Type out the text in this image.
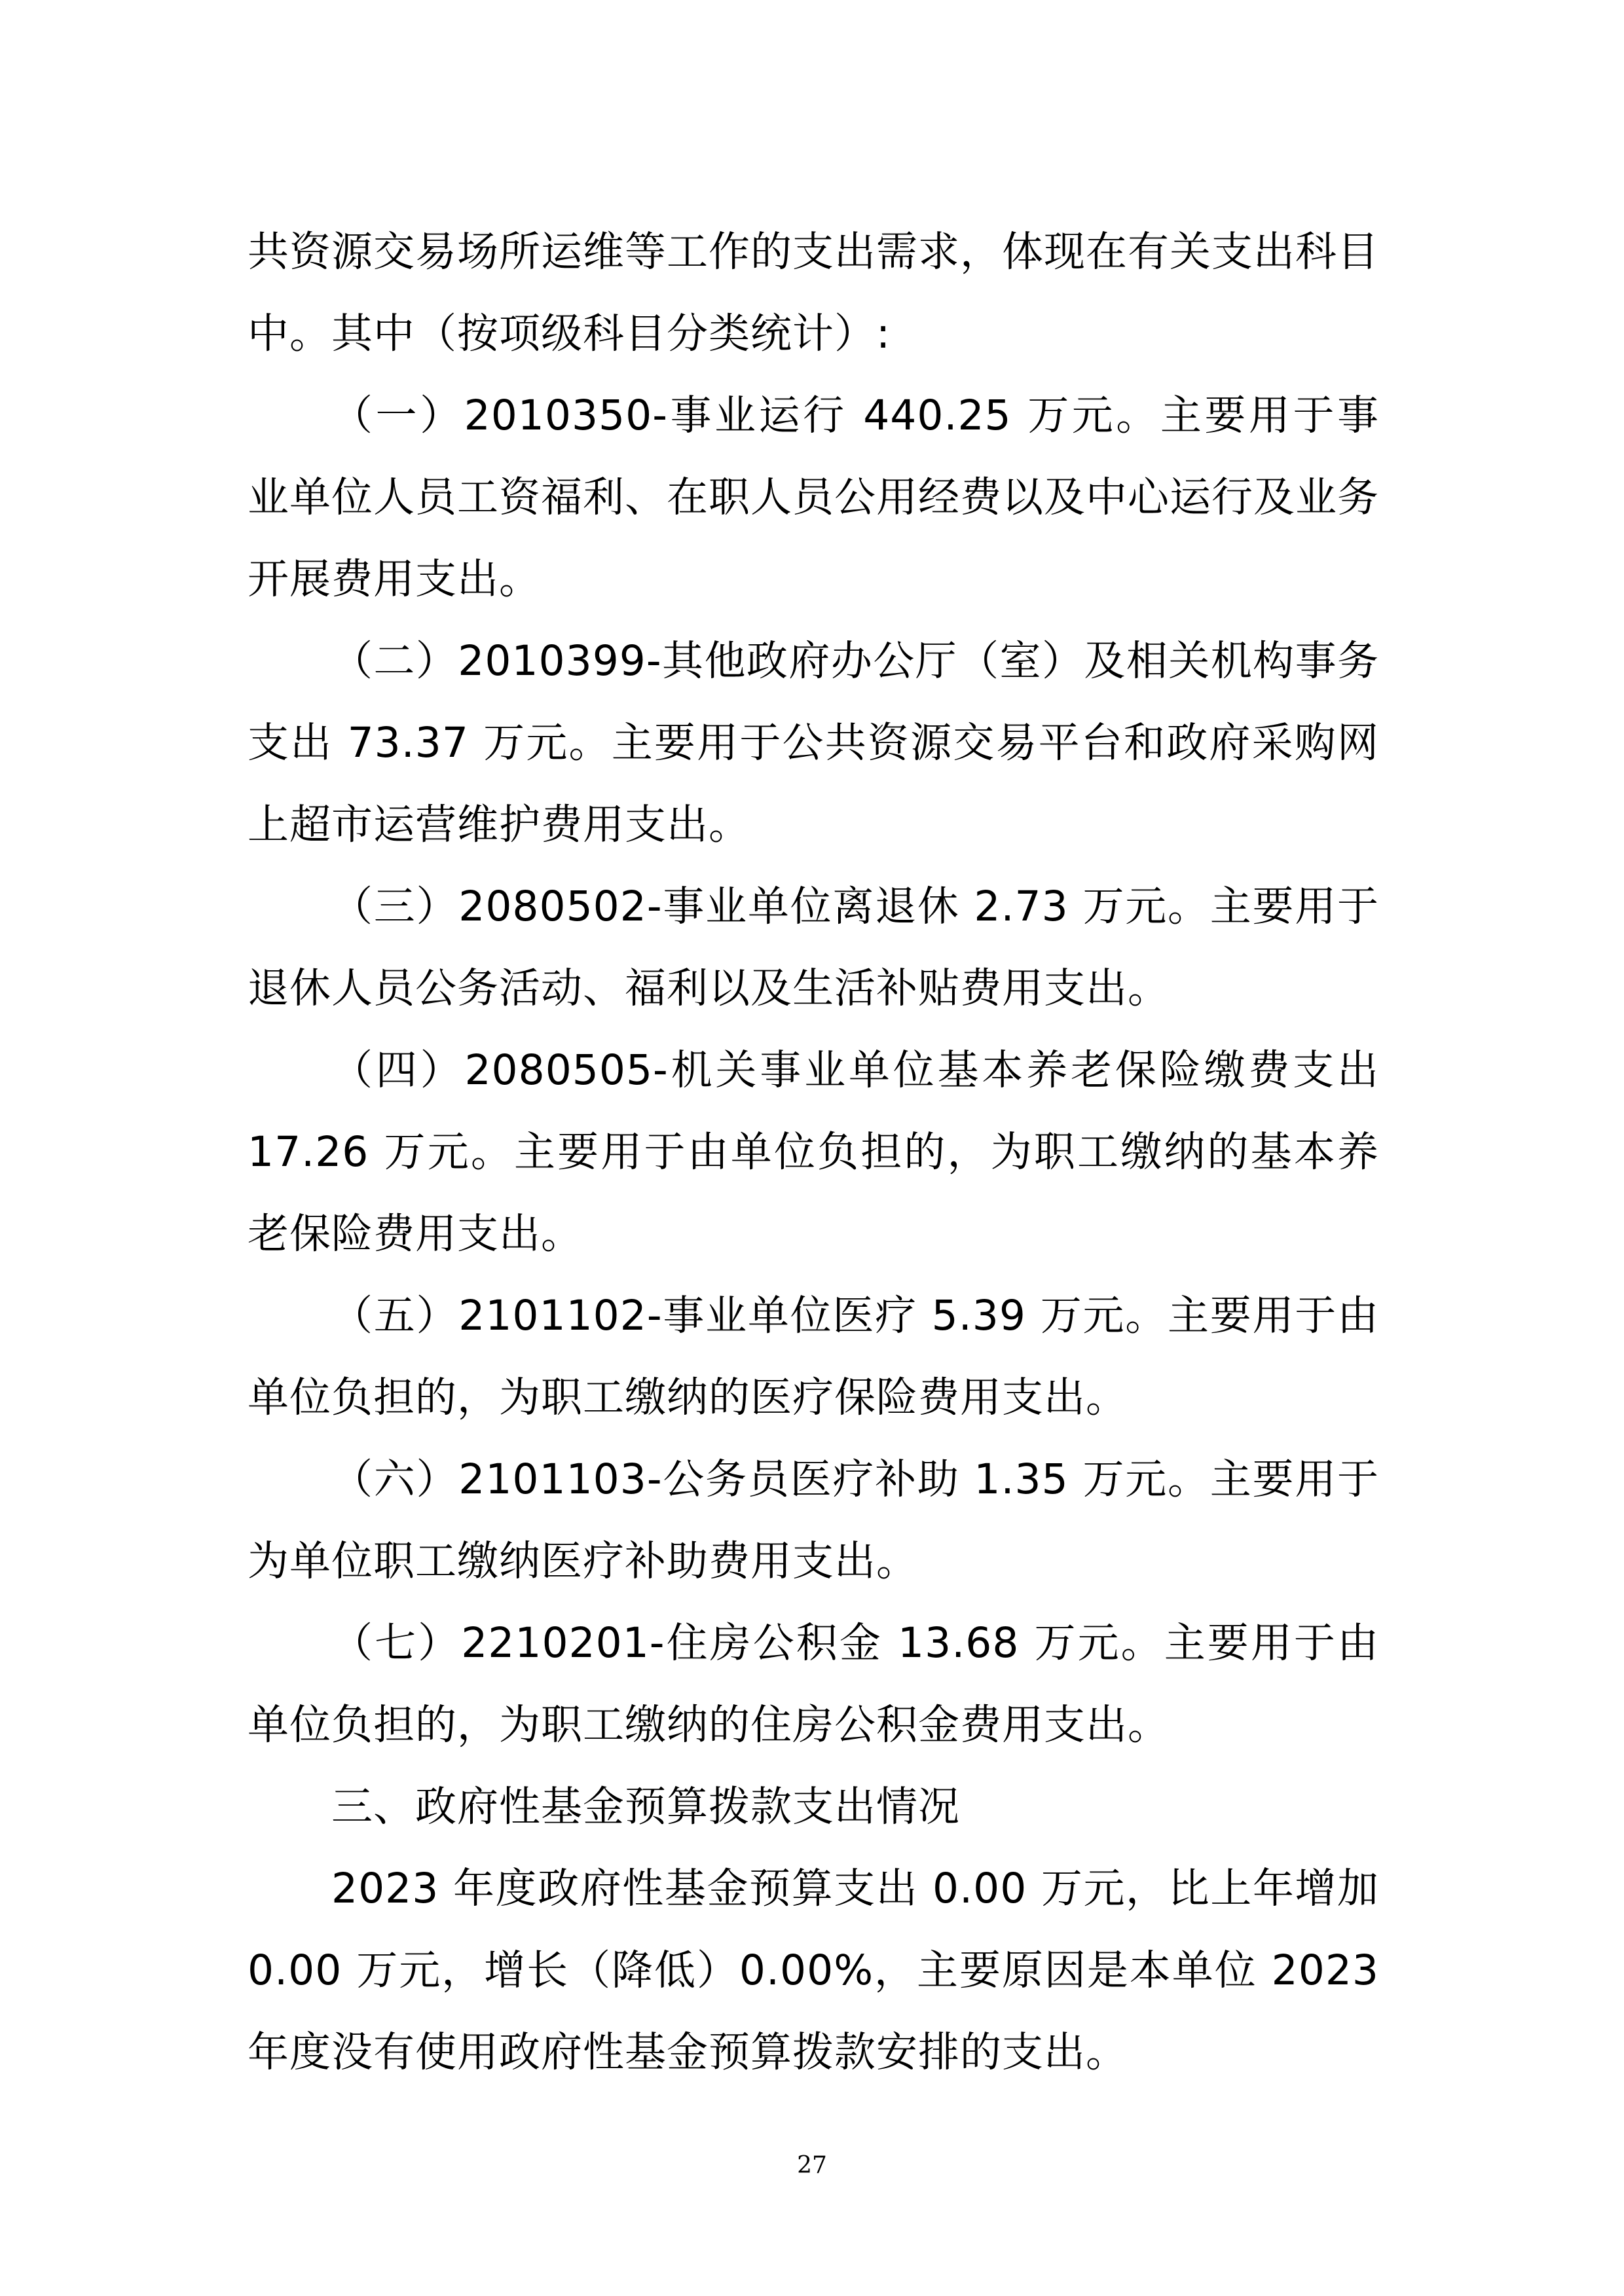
共资源交易场所运维等工作的支出需求，体现在有关支出科目中。其中（按项级科目分类统计）:

（一）2010350-事业运行 440.25 万元。主要用于事业单位人员工资福利、在职人员公用经费以及中心运行及业务开展费用支出。

（二）2010399-其他政府办公厅（室）及相关机构事务支出 73.37 万元。主要用于公共资源交易平台和政府采购网上超市运营维护费用支出。

（三）2080502-事业单位离退休 2.73 万元。主要用于退休人员公务活动、福利以及生活补贴费用支出。

（四）2080505-机关事业单位基本养老保险缴费支出 17.26 万元。主要用于由单位负担的，为职工缴纳的基本养老保险费用支出。

（五）2101102-事业单位医疗 5.39 万元。主要用于由单位负担的，为职工缴纳的医疗保险费用支出。

（六）2101103-公务员医疗补助 1.35 万元。主要用于为单位职工缴纳医疗补助费用支出。

（七）2210201-住房公积金 13.68 万元。主要用于由单位负担的，为职工缴纳的住房公积金费用支出。

三、政府性基金预算拨款支出情况

2023 年度政府性基金预算支出 0.00 万元，比上年增加 0.00 万元，增长（降低）0.00%，主要原因是本单位 2023 年度没有使用政府性基金预算拨款安排的支出。

27
